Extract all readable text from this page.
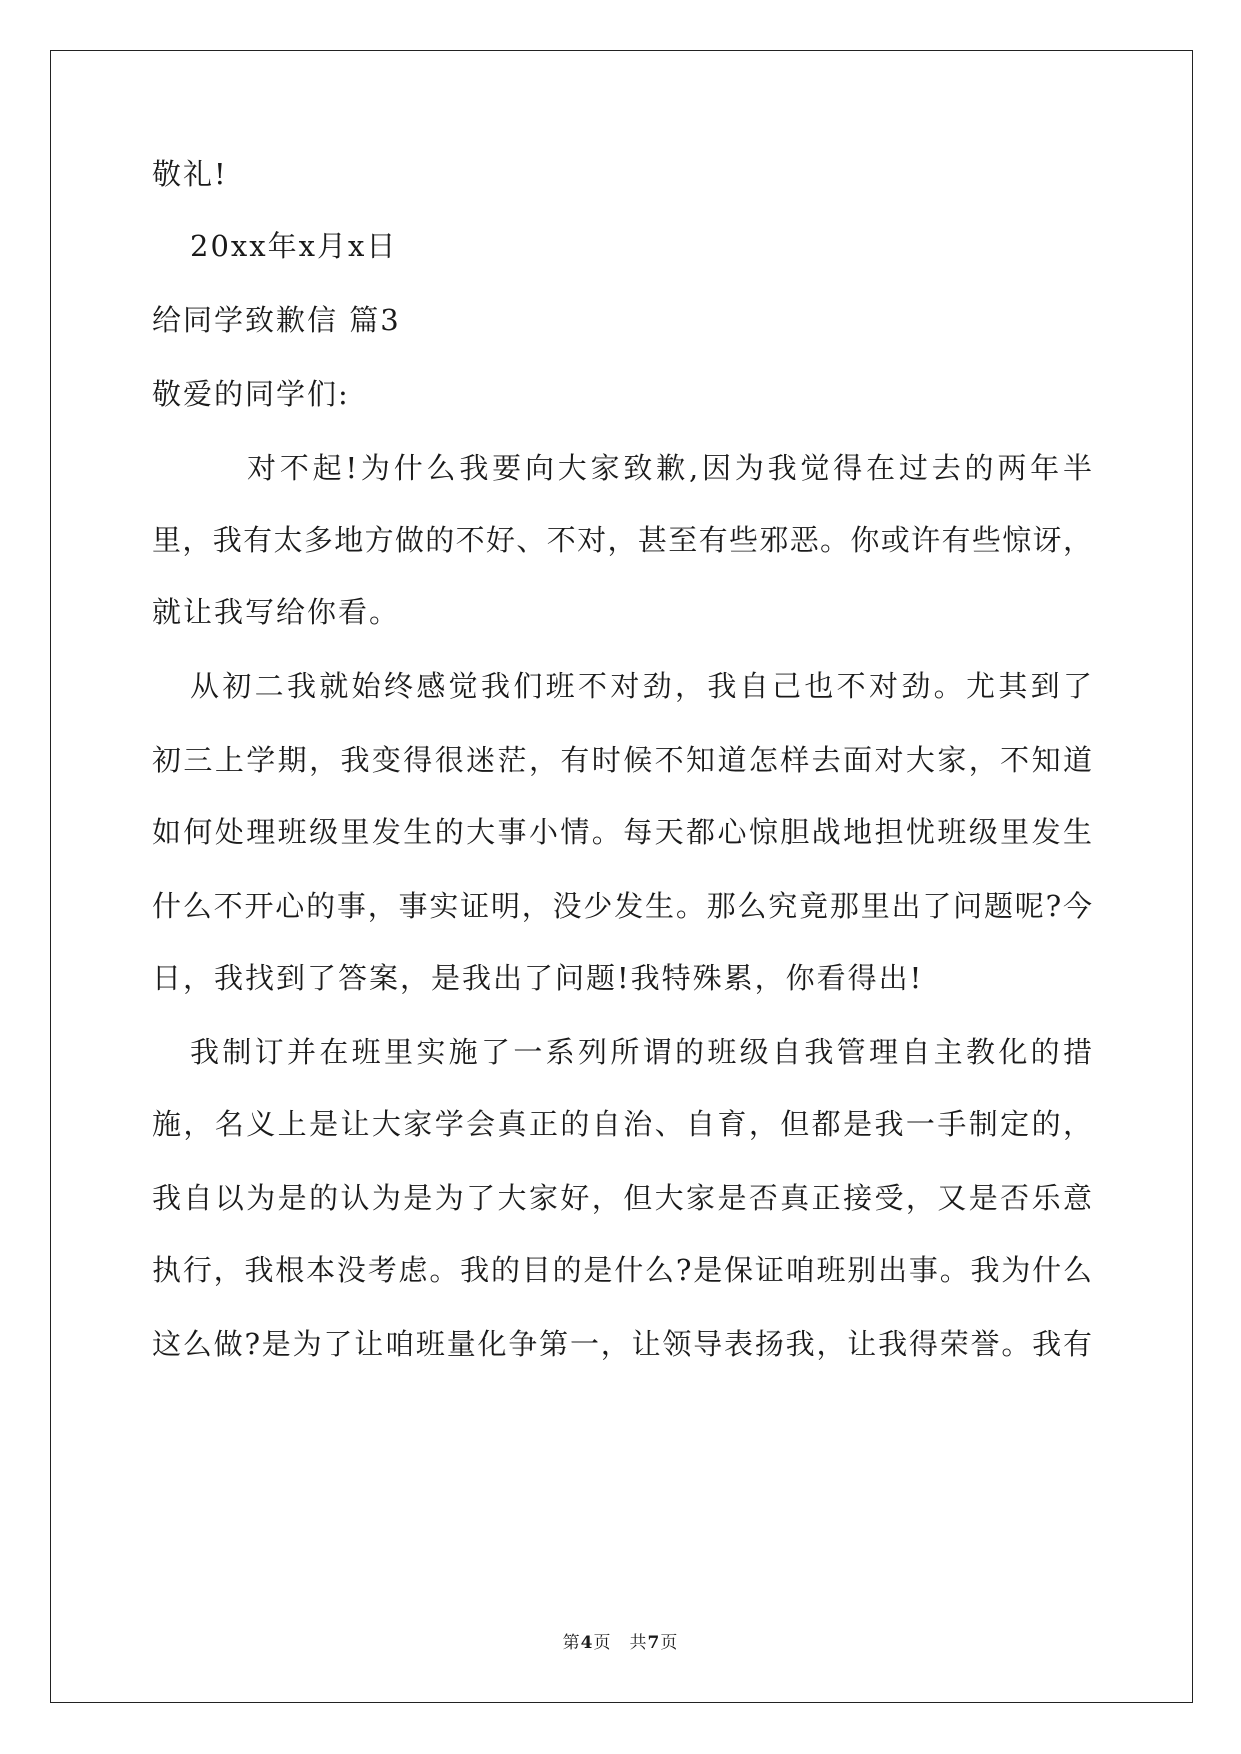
敬礼!
20xx年x月x日
给同学致歉信 篇3
敬爱的同学们:
对不起!为什么我要向大家致歉,因为我觉得在过去的两年半
里，我有太多地方做的不好、不对，甚至有些邪恶。你或许有些惊讶，
就让我写给你看。
从初二我就始终感觉我们班不对劲，我自己也不对劲。尤其到了
初三上学期，我变得很迷茫，有时候不知道怎样去面对大家，不知道
如何处理班级里发生的大事小情。每天都心惊胆战地担忧班级里发生
什么不开心的事，事实证明，没少发生。那么究竟那里出了问题呢?今
日，我找到了答案，是我出了问题!我特殊累，你看得出!
我制订并在班里实施了一系列所谓的班级自我管理自主教化的措
施，名义上是让大家学会真正的自治、自育，但都是我一手制定的，
我自以为是的认为是为了大家好，但大家是否真正接受，又是否乐意
执行，我根本没考虑。我的目的是什么?是保证咱班别出事。我为什么
这么做?是为了让咱班量化争第一，让领导表扬我，让我得荣誉。我有
第4页　共7页
